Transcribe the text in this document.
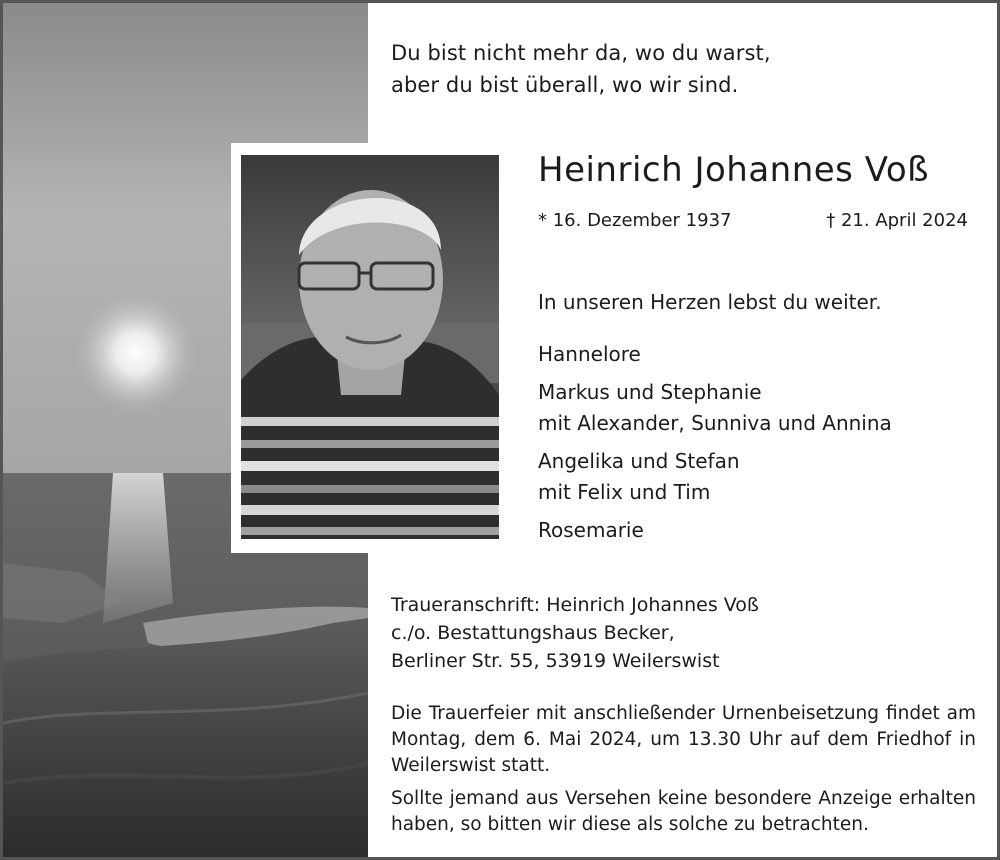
Du bist nicht mehr da, wo du warst,
aber du bist überall, wo wir sind.
Heinrich Johannes Voß
* 16. Dezember 1937	† 21. April 2024
In unseren Herzen lebst du weiter.
Hannelore
Markus und Stephanie
mit Alexander, Sunniva und Annina
Angelika und Stefan
mit Felix und Tim
Rosemarie
Traueranschrift: Heinrich Johannes Voß
c./o. Bestattungshaus Becker,
Berliner Str. 55, 53919 Weilerswist

Die Trauerfeier mit anschließender Urnenbeisetzung findet am Montag, dem 6. Mai 2024, um 13.30 Uhr auf dem Friedhof in Weilerswist statt.

Sollte jemand aus Versehen keine besondere Anzeige erhalten haben, so bitten wir diese als solche zu betrachten.
